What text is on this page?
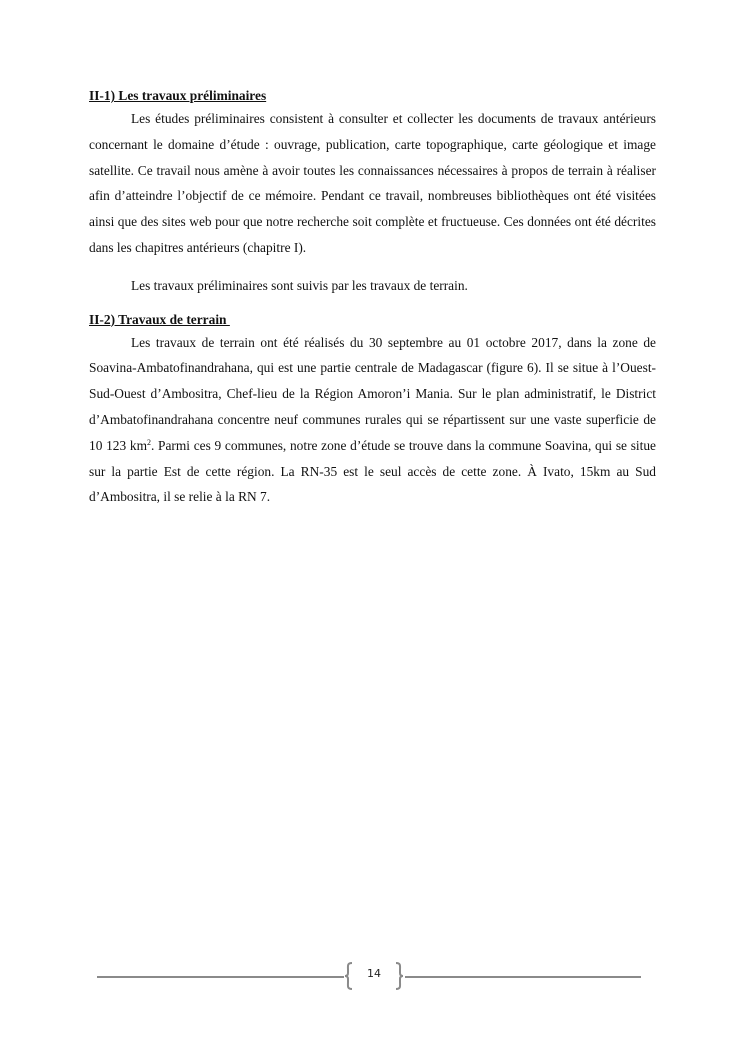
II-1) Les travaux préliminaires

Les études préliminaires consistent à consulter et collecter les documents de travaux antérieurs concernant le domaine d’étude : ouvrage, publication, carte topographique, carte géologique et image satellite. Ce travail nous amène à avoir toutes les connaissances nécessaires à propos de terrain à réaliser afin d’atteindre l’objectif de ce mémoire. Pendant ce travail, nombreuses bibliothèques ont été visitées ainsi que des sites web pour que notre recherche soit complète et fructueuse. Ces données ont été décrites dans les chapitres antérieurs (chapitre I).

Les travaux préliminaires sont suivis par les travaux de terrain.

II-2) Travaux de terrain

Les travaux de terrain ont été réalisés du 30 septembre au 01 octobre 2017, dans la zone de Soavina-Ambatofinandrahana, qui est une partie centrale de Madagascar (figure 6). Il se situe à l’Ouest-Sud-Ouest d’Ambositra, Chef-lieu de la Région Amoron’i Mania. Sur le plan administratif, le District d’Ambatofinandrahana concentre neuf communes rurales qui se répartissent sur une vaste superficie de 10 123 $km^2$. Parmi ces 9 communes, notre zone d’étude se trouve dans la commune Soavina, qui se situe sur la partie Est de cette région. La RN-35 est le seul accès de cette zone. À Ivato, 15km au Sud d’Ambositra, il se relie à la RN 7.

14
